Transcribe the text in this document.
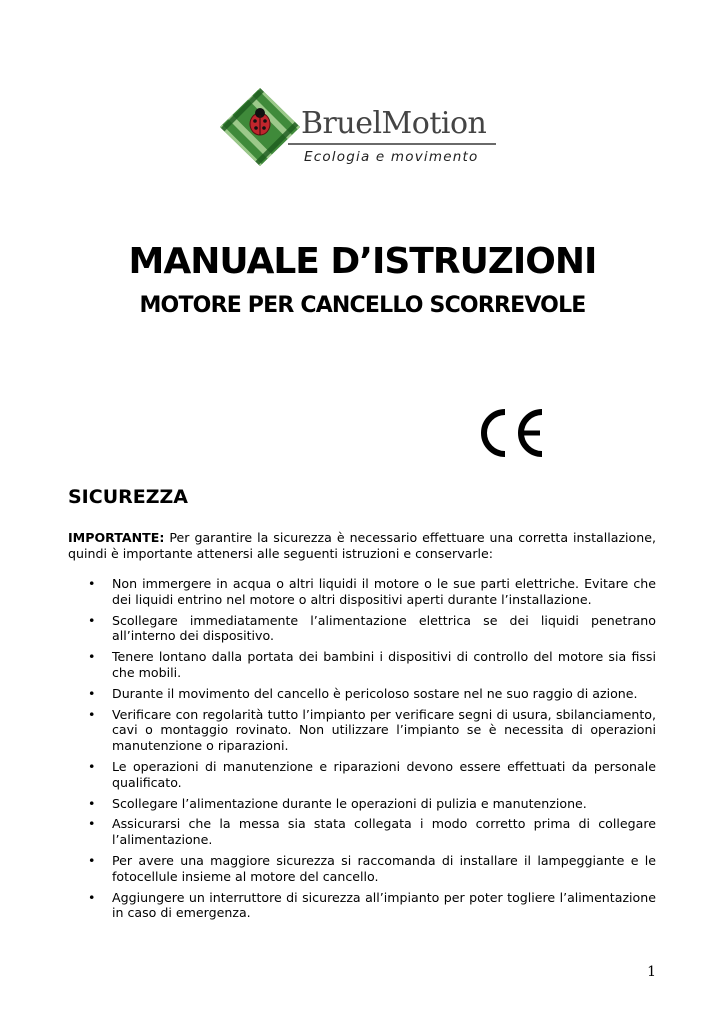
BruelMotion
Ecologia e movimento
MANUALE D’ISTRUZIONI
MOTORE PER CANCELLO SCORREVOLE
SICUREZZA

IMPORTANTE: Per garantire la sicurezza è necessario effettuare una corretta installazione, quindi è importante attenersi alle seguenti istruzioni e conservarle:

• Non immergere in acqua o altri liquidi il motore o le sue parti elettriche. Evitare che dei liquidi entrino nel motore o altri dispositivi aperti durante l’installazione.
• Scollegare immediatamente l’alimentazione elettrica se dei liquidi penetrano all’interno dei dispositivo.
• Tenere lontano dalla portata dei bambini i dispositivi di controllo del motore sia fissi che mobili.
• Durante il movimento del cancello è pericoloso sostare nel ne suo raggio di azione.
• Verificare con regolarità tutto l’impianto per verificare segni di usura, sbilanciamento, cavi o montaggio rovinato. Non utilizzare l’impianto se è necessita di operazioni manutenzione o riparazioni.
• Le operazioni di manutenzione e riparazioni devono essere effettuati da personale qualificato.
• Scollegare l’alimentazione durante le operazioni di pulizia e manutenzione.
• Assicurarsi che la messa sia stata collegata i modo corretto prima di collegare l’alimentazione.
• Per avere una maggiore sicurezza si raccomanda di installare il lampeggiante e le fotocellule insieme al motore del cancello.
• Aggiungere un interruttore di sicurezza all’impianto per poter togliere l’alimentazione in caso di emergenza.
1
